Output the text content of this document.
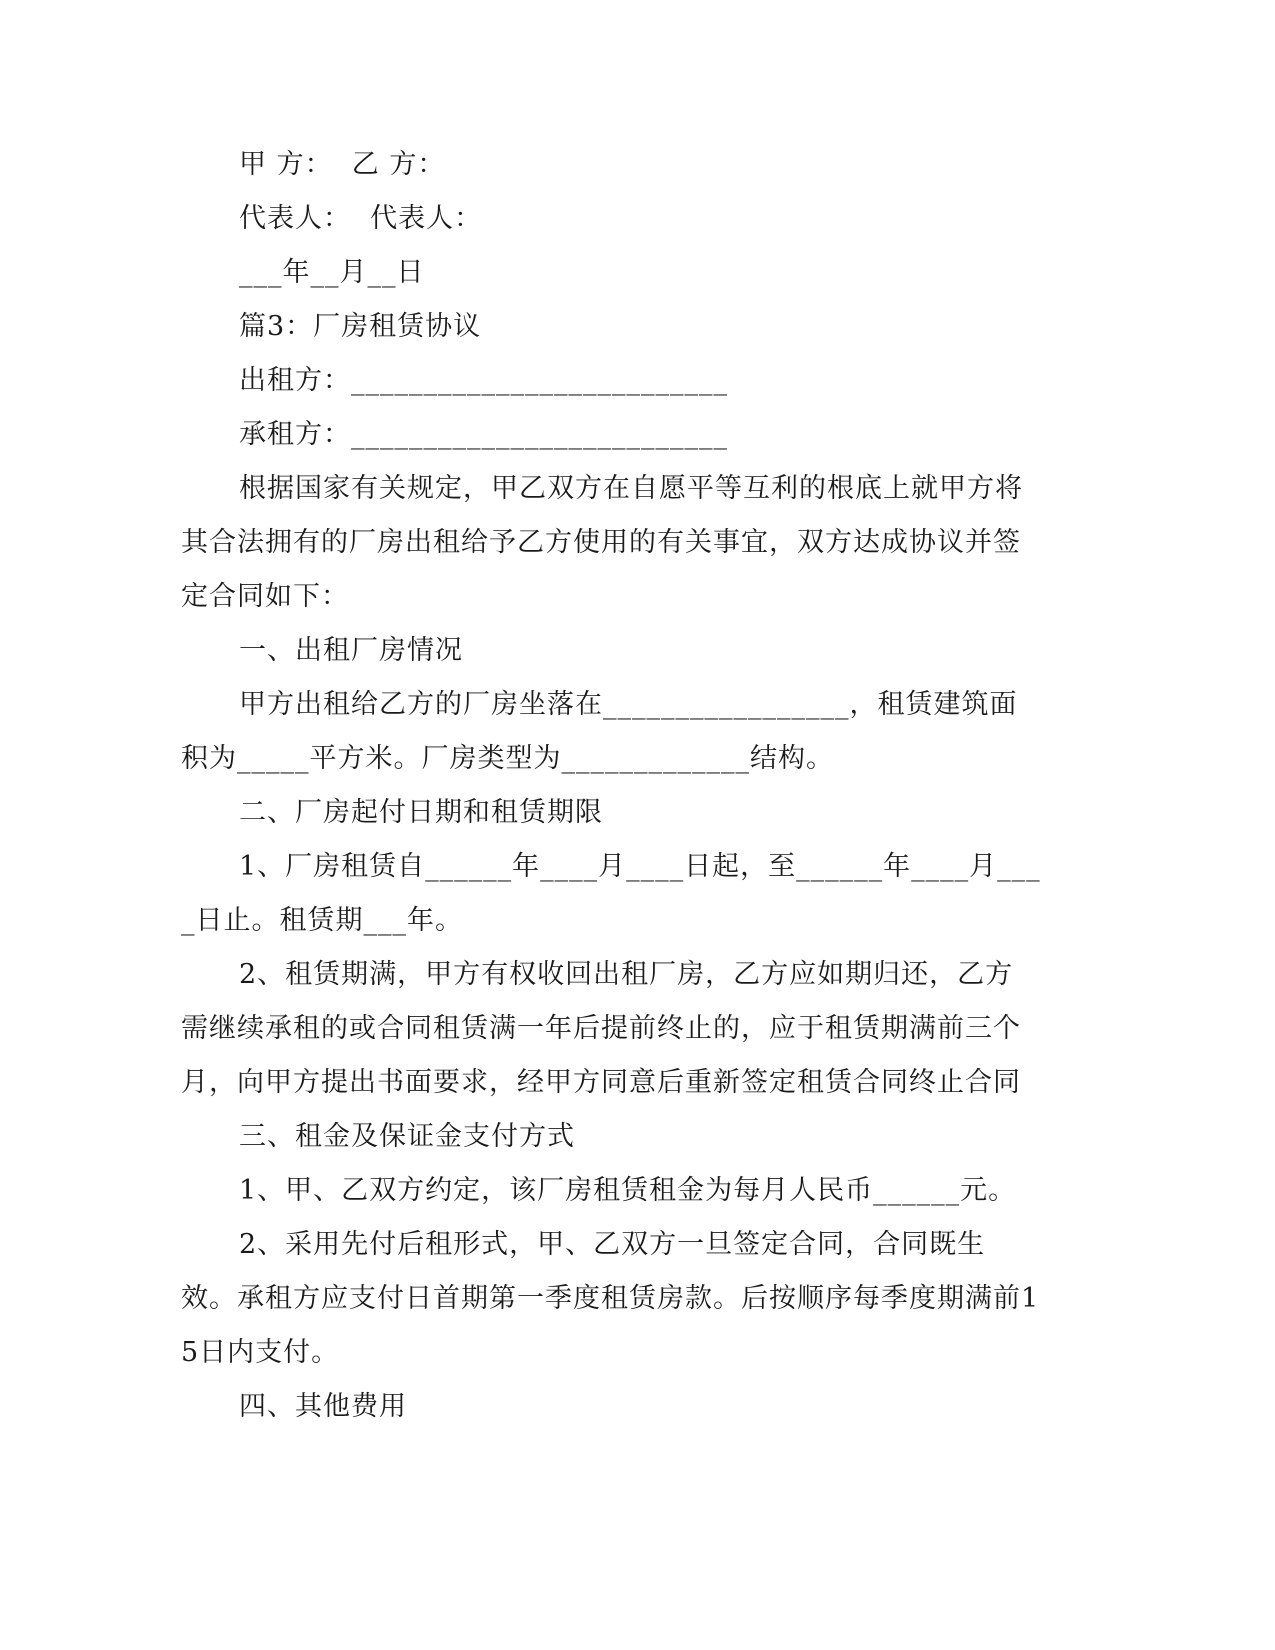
甲 方：  乙 方：
代表人：  代表人：
___年__月__日
篇3：厂房租赁协议
出租方：__________________________
承租方：__________________________
根据国家有关规定，甲乙双方在自愿平等互利的根底上就甲方将其合法拥有的厂房出租给予乙方使用的有关事宜，双方达成协议并签定合同如下：
一、出租厂房情况
甲方出租给乙方的厂房坐落在_________________，租赁建筑面积为_____平方米。厂房类型为_____________结构。
二、厂房起付日期和租赁期限
1、厂房租赁自______年____月____日起，至______年____月____日止。租赁期___年。
2、租赁期满，甲方有权收回出租厂房，乙方应如期归还，乙方需继续承租的或合同租赁满一年后提前终止的，应于租赁期满前三个月，向甲方提出书面要求，经甲方同意后重新签定租赁合同终止合同
三、租金及保证金支付方式
1、甲、乙双方约定，该厂房租赁租金为每月人民币______元。
2、采用先付后租形式，甲、乙双方一旦签定合同，合同既生效。承租方应支付日首期第一季度租赁房款。后按顺序每季度期满前15日内支付。
四、其他费用
